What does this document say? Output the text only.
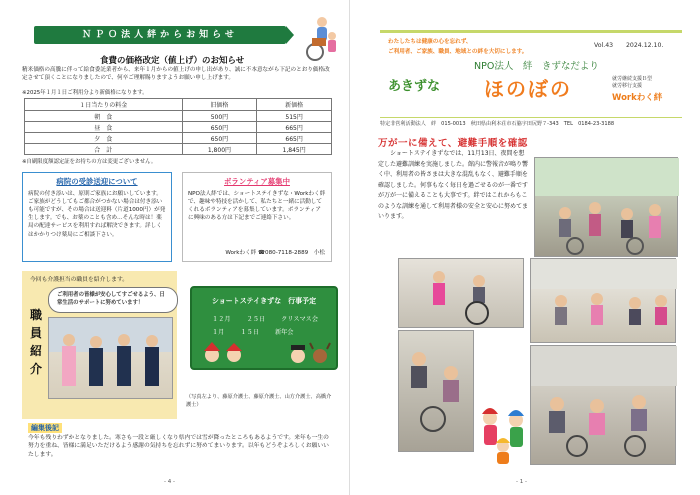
ＮＰＯ法人絆からお知らせ
食費の価格改定（値上げ）のお知らせ
精米価格の高騰に伴って給食委託業者から、来年１月からの値上げの申し出があり、誠に不本意ながら下記のとおり価格改定させて頂くことになりましたので、何卒ご理解賜りますようお願い申し上げます。
※2025年１月１日ご利用分より新価格になります。
１日当たりの料金	旧価格	新価格
朝　食	500円	515円
昼　食	650円	665円
夕　食	650円	665円
合　計	1,800円	1,845円
※自刷限度額認定証をお持ちの方は変更ございません。
病院の受診送迎について
病院の付き添いは、原則ご家族にお願いしています。ご家族がどうしてもご都合がつかない場合は付き添いも可能ですが、その場合は送迎料（片道1000円）が発生します。でも、お薬のことも含め…そんな時は！薬局の配達サービスを利用すれば解決できます。詳しくはかかりつけ薬局にご相談下さい。
ボランティア募集中
NPO法人絆では、ショートステイきずな・Workわく絆で、趣味や特技を活かして、私たちと一緒に活動してくれるボランティアを募集しています。ボランティアに興味のある方は下記までご連絡下さい。
Workわく絆 ☎080-7118-2889　小松
今回も介護担当の職員を紹介します。
ご利用者の皆様が安心してすごせるよう、日常生活のサポートに努めています！
職
員
紹
介
（写真左より、藤原介護士、藤原介護士、山方介護士、高橋介護士）
ショートステイきずな　行事予定
１２月	２５日	クリスマス会
１月	１５日	新年会
編集後記
今年も残りわずかとなりました。寒さも一段と厳しくなり県内では雪が降ったところもあるようです。来年も一生の努力を重ね、皆様に満足いただけるよう感謝の気持ちを忘れずに努めてまいります。以年もどうぞよろしくお願いいたします。
- 4 -
わたしたちは健康の心を忘れず、
ご利用者、ご家族、職員、地域との絆を大切にします。
Vol.43 2024.12.10.
NPO法人　絆　きずなだより
あきずな ほのぼの	就労継続支援Ｂ型
就労移行支援
Workわく絆
特定非営利活動法人　絆　015-0013　秋田県由利本荘市石脇字田尻野７-343　TEL　0184-23-3188
万が一に備えて、避難手順を確認
ショートステイきずなでは、11月13日、夜間を想定した避難訓練を実施しました。館内に警報音が鳴り響く中、利用者の皆さまは大きな混乱もなく、避難手順を確認しました。何事もなく毎日を過ごせるのが一番ですが万が一に備えることも大事です。絆ではこれからもこのような訓練を通して利用者様の安全と安心に努めてまいります。
- 1 -
